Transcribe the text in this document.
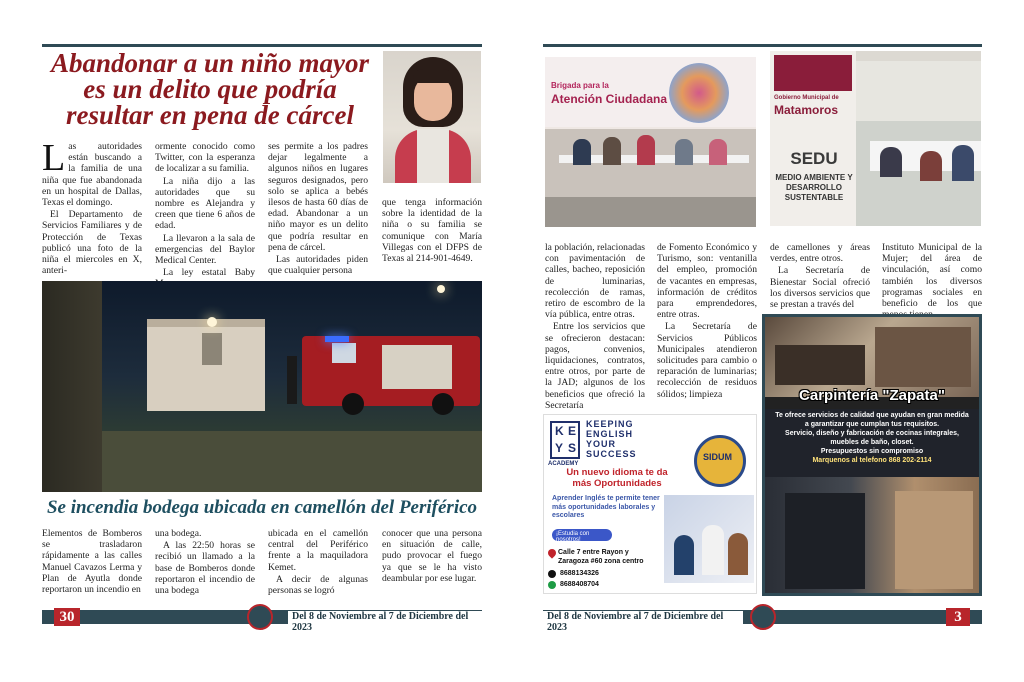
Abandonar a un niño mayor
es un delito que podría
resultar en pena de cárcel

Las autoridades están buscando a la familia de una niña que fue abandonada en un hospital de Dallas, Texas el domingo.

El Departamento de Servicios Familiares y de Protección de Texas publicó una foto de la niña el miercoles en X, anteri-

ormente conocido como Twitter, con la esperanza de localizar a su familia.

La niña dijo a las autoridades que su nombre es Alejandra y creen que tiene 6 años de edad.

La llevaron a la sala de emergencias del Baylor Medical Center.

La ley estatal Baby

ses permite a los padres dejar legalmente a algunos niños en lugares seguros designados, pero solo se aplica a bebés ilesos de hasta 60 días de edad. Abandonar a un niño mayor es un delito que podría resultar en pena de cárcel.

Las autoridades piden que cualquier persona

que tenga información sobre la identidad de la niña o su familia se comunique con María Villegas con el DFPS de Texas al 214-901-4649.

Se incendia bodega ubicada en camellón del Periférico

Elementos de Bomberos se trasladaron rápidamente a las calles Manuel Cavazos Lerma y Plan de Ayutla donde reportaron un incendio en

una bodega.

A las 22:50 horas se recibió un llamado a la base de Bomberos donde reportaron el incendio de una bodega

ubicada en el camellón central del Periférico frente a la maquiladora Kemet.

A decir de algunas personas se logró

conocer que una persona en situación de calle, pudo provocar el fuego ya que se le ha visto deambular por ese lugar.

30	Del 8 de Noviembre al 7 de Diciembre del 2023
Brigada para la
Atención Ciudadana	Gobierno Municipal de
Matamoros
SEDU
MEDIO AMBIENTE Y DESARROLLO SUSTENTABLE

la población, relacionadas con pavimentación de calles, bacheo, reposición de luminarias, recolección de ramas, retiro de escombro de la vía pública, entre otras.

Entre los servicios que se ofrecieron destacan: pagos, convenios, liquidaciones, contratos, entre otros, por parte de la JAD; algunos de los beneficios que ofreció la Secretaría

de Fomento Económico y Turismo, son: ventanilla del empleo, promoción de vacantes en empresas, información de créditos para emprendedores, entre otras.

La Secretaría de Servicios Públicos Municipales atendieron solicitudes para cambio o reparación de luminarias; recolección de residuos sólidos; limpieza

de camellones y áreas verdes, entre otros.

La Secretaría de Bienestar Social ofreció los diversos servicios que se prestan a través del

Instituto Municipal de la Mujer; del área de vinculación, así como también los diversos programas sociales en beneficio de los que

K E
Y S
ACADEMY
KEEPING
ENGLISH
YOUR
SUCCESS	SIDUM
Un nuevo idioma te da más Oportunidades
Aprender Inglés te permite tener más oportunidades laborales y escolares
¡Estudia con nosotros!
Calle 7 entre Rayon y Zaragoza #60 zona centro
8688134326
8688408704
Carpintería "Zapata"
Te ofrece servicios de calidad que ayudan en gran medida
a garantizar que cumplan tus requisitos.
Servicio, diseño y fabricación de cocinas integrales,
muebles de baño, closet.
Presupuestos sin compromiso
Marquenos al telefono 868 202-2114
Del 8 de Noviembre al 7 de Diciembre del 2023
3
